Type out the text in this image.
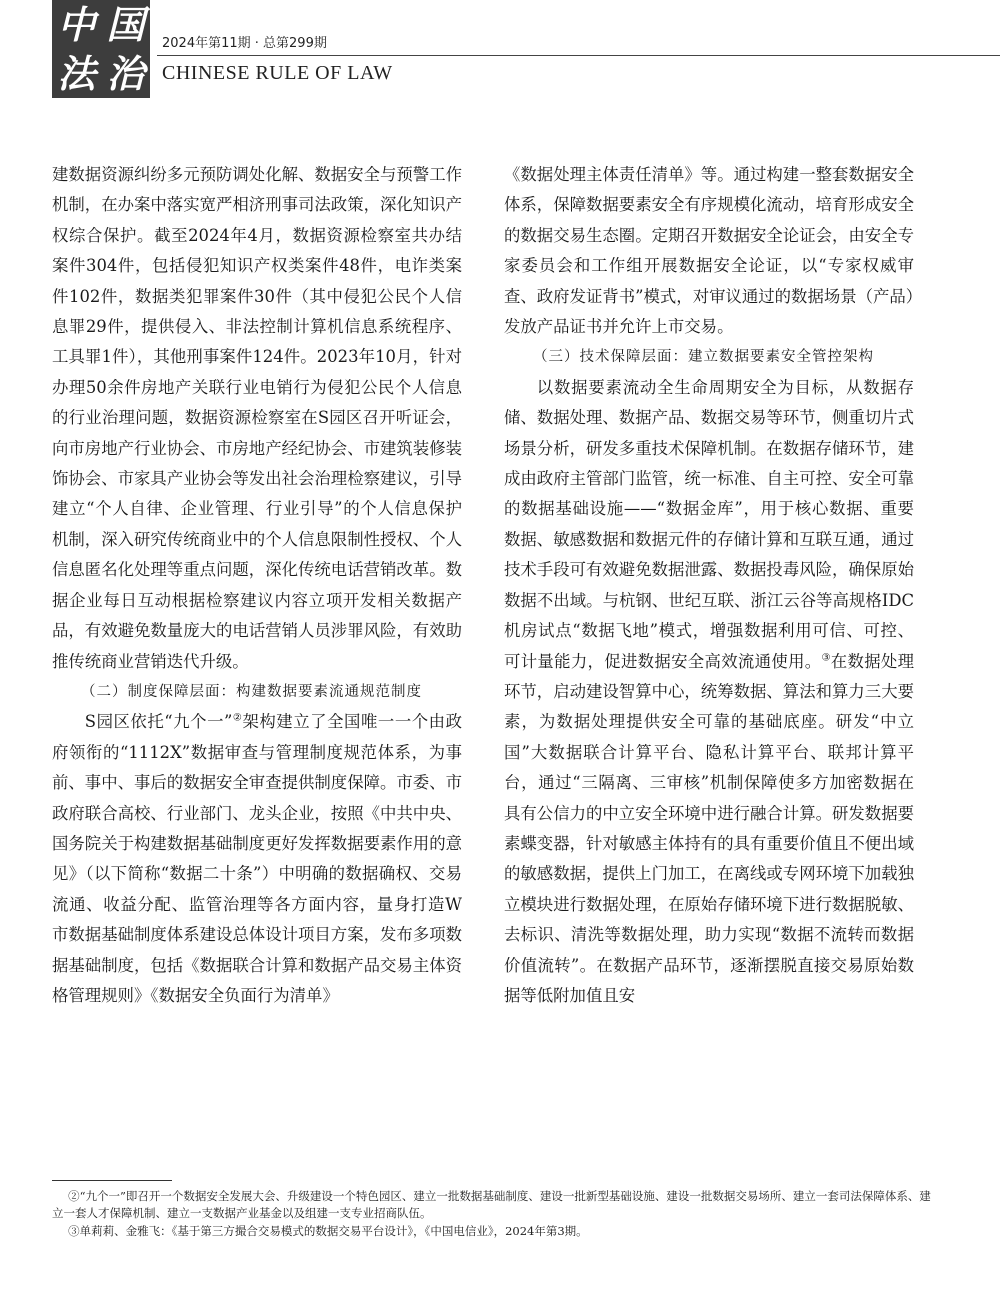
中 国
法 治
2024年第11期 · 总第299期
CHINESE RULE OF LAW

建数据资源纠纷多元预防调处化解、数据安全与预警工作机制，在办案中落实宽严相济刑事司法政策，深化知识产权综合保护。截至2024年4月，数据资源检察室共办结案件304件，包括侵犯知识产权类案件48件，电诈类案件102件，数据类犯罪案件30件（其中侵犯公民个人信息罪29件，提供侵入、非法控制计算机信息系统程序、工具罪1件），其他刑事案件124件。2023年10月，针对办理50余件房地产关联行业电销行为侵犯公民个人信息的行业治理问题，数据资源检察室在S园区召开听证会，向市房地产行业协会、市房地产经纪协会、市建筑装修装饰协会、市家具产业协会等发出社会治理检察建议，引导建立“个人自律、企业管理、行业引导”的个人信息保护机制，深入研究传统商业中的个人信息限制性授权、个人信息匿名化处理等重点问题，深化传统电话营销改革。数据企业每日互动根据检察建议内容立项开发相关数据产品，有效避免数量庞大的电话营销人员涉罪风险，有效助推传统商业营销迭代升级。

（二）制度保障层面：构建数据要素流通规范制度

S园区依托“九个一”②架构建立了全国唯一一个由政府领衔的“1112X”数据审查与管理制度规范体系，为事前、事中、事后的数据安全审查提供制度保障。市委、市政府联合高校、行业部门、龙头企业，按照《中共中央、国务院关于构建数据基础制度更好发挥数据要素作用的意见》（以下简称“数据二十条”）中明确的数据确权、交易流通、收益分配、监管治理等各方面内容，量身打造W市数据基础制度体系建设总体设计项目方案，发布多项数据基础制度，包括《数据联合计算和数据产品交易主体资格管理规则》《数据安全负面行为清单》

《数据处理主体责任清单》等。通过构建一整套数据安全体系，保障数据要素安全有序规模化流动，培育形成安全的数据交易生态圈。定期召开数据安全论证会，由安全专家委员会和工作组开展数据安全论证，以“专家权威审查、政府发证背书”模式，对审议通过的数据场景（产品）发放产品证书并允许上市交易。

（三）技术保障层面：建立数据要素安全管控架构

以数据要素流动全生命周期安全为目标，从数据存储、数据处理、数据产品、数据交易等环节，侧重切片式场景分析，研发多重技术保障机制。在数据存储环节，建成由政府主管部门监管，统一标准、自主可控、安全可靠的数据基础设施——“数据金库”，用于核心数据、重要数据、敏感数据和数据元件的存储计算和互联互通，通过技术手段可有效避免数据泄露、数据投毒风险，确保原始数据不出域。与杭钢、世纪互联、浙江云谷等高规格IDC机房试点“数据飞地”模式，增强数据利用可信、可控、可计量能力，促进数据安全高效流通使用。③在数据处理环节，启动建设智算中心，统筹数据、算法和算力三大要素，为数据处理提供安全可靠的基础底座。研发“中立国”大数据联合计算平台、隐私计算平台、联邦计算平台，通过“三隔离、三审核”机制保障使多方加密数据在具有公信力的中立安全环境中进行融合计算。研发数据要素蝶变器，针对敏感主体持有的具有重要价值且不便出域的敏感数据，提供上门加工，在离线或专网环境下加载独立模块进行数据处理，在原始存储环境下进行数据脱敏、去标识、清洗等数据处理，助力实现“数据不流转而数据价值流转”。在数据产品环节，逐渐摆脱直接交易原始数据等低附加值且安

②“九个一”即召开一个数据安全发展大会、升级建设一个特色园区、建立一批数据基础制度、建设一批新型基础设施、建设一批数据交易场所、建立一套司法保障体系、建立一套人才保障机制、建立一支数据产业基金以及组建一支专业招商队伍。

③单莉莉、金雅飞：《基于第三方撮合交易模式的数据交易平台设计》，《中国电信业》，2024年第3期。
